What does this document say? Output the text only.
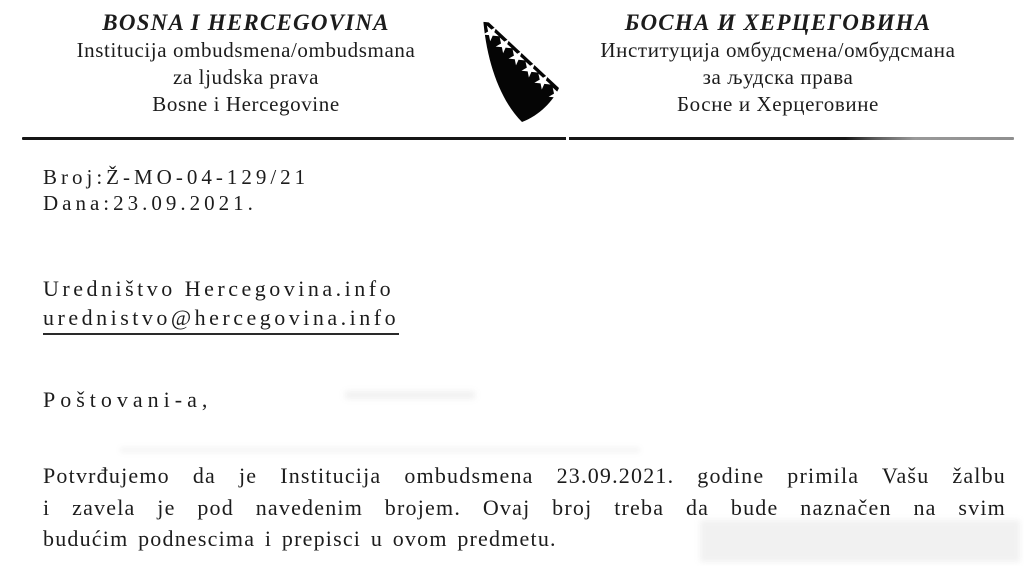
BOSNA I HERCEGOVINA
Institucija ombudsmena/ombudsmana
za ljudska prava
Bosne i Hercegovine
БОСНА И ХЕРЦЕГОВИНА
Институција омбудсмена/омбудсмана
за људска права
Босне и Херцеговине
Broj:Ž-MO-04-129/21
Dana:23.09.2021.
Uredništvo Hercegovina.info
urednistvo@hercegovina.info
Poštovani-a,
Potvrđujemo da je Institucija ombudsmena 23.09.2021. godine primila Vašu žalbu
i zavela je pod navedenim brojem. Ovaj broj treba da bude naznačen na svim
budućim podnescima i prepisci u ovom predmetu.
